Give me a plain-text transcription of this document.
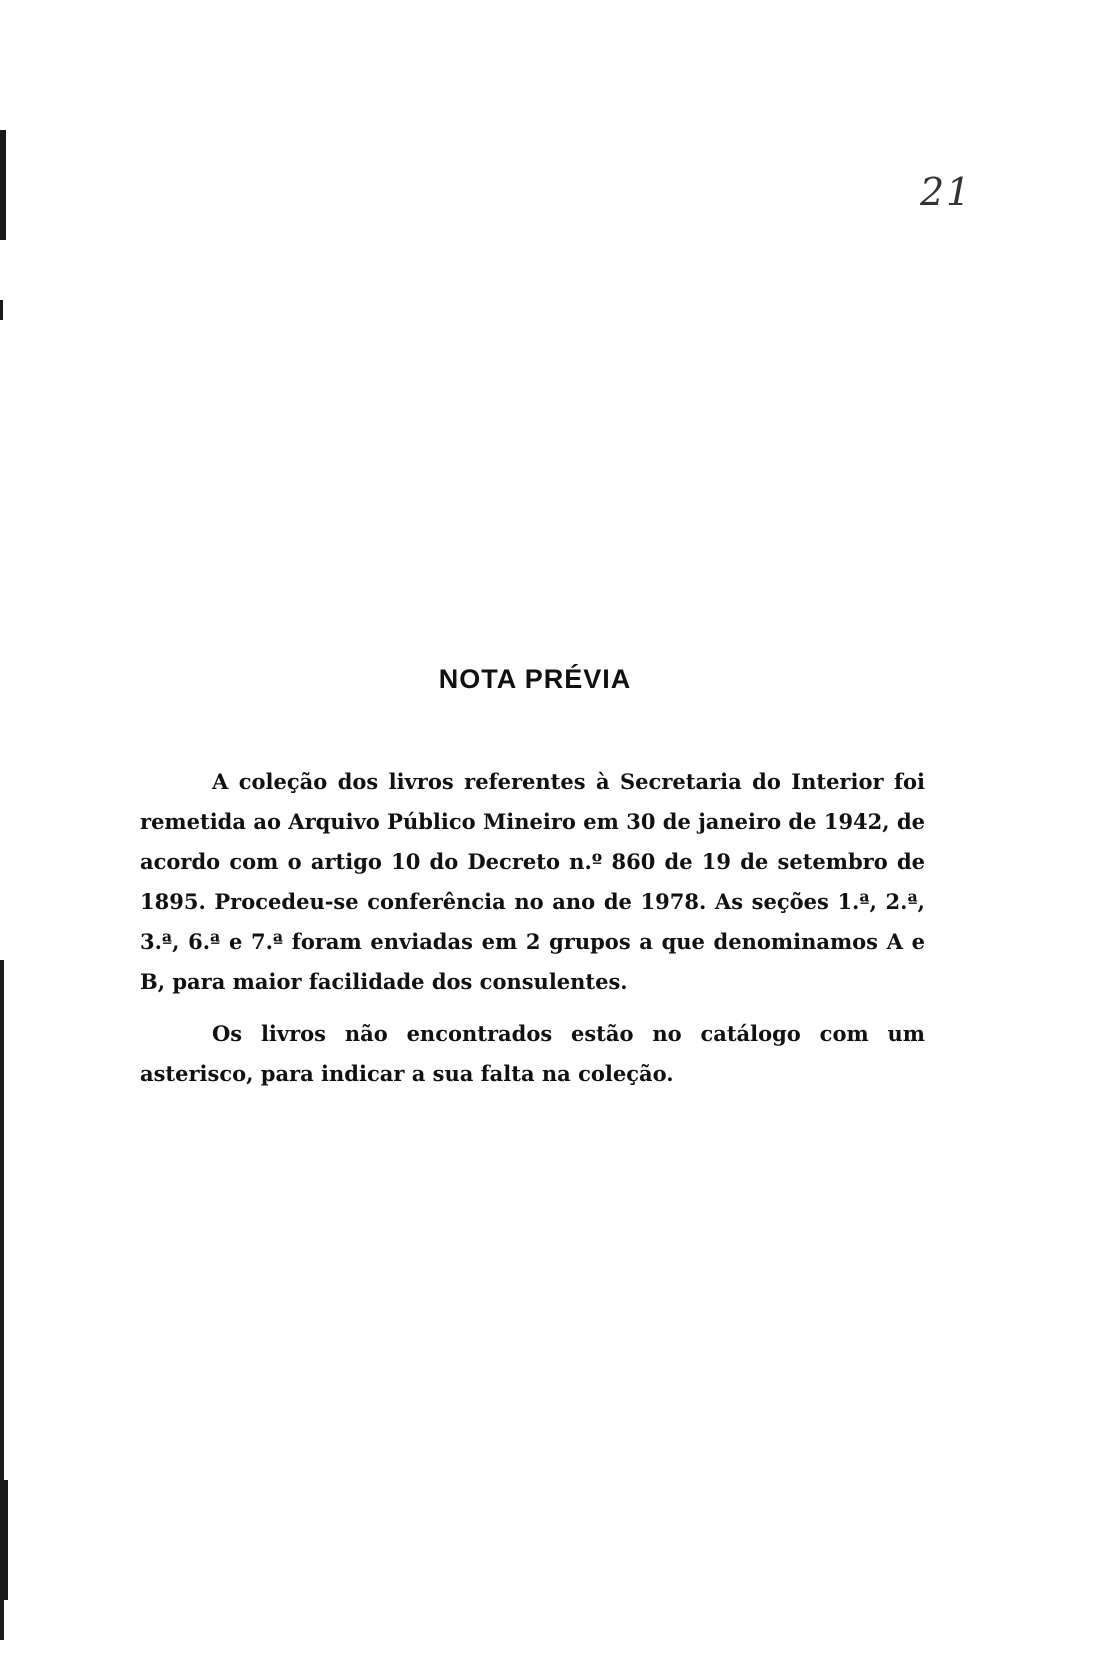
21
NOTA PRÉVIA

A coleção dos livros referentes à Secretaria do Interior foi remetida ao Arquivo Público Mineiro em 30 de janeiro de 1942, de acordo com o artigo 10 do Decreto n.º 860 de 19 de setembro de 1895. Procedeu-se conferência no ano de 1978. As seções 1.ª, 2.ª, 3.ª, 6.ª e 7.ª foram enviadas em 2 grupos a que denominamos A e B, para maior facilidade dos consulentes.

Os livros não encontrados estão no catálogo com um asterisco, para indicar a sua falta na coleção.
